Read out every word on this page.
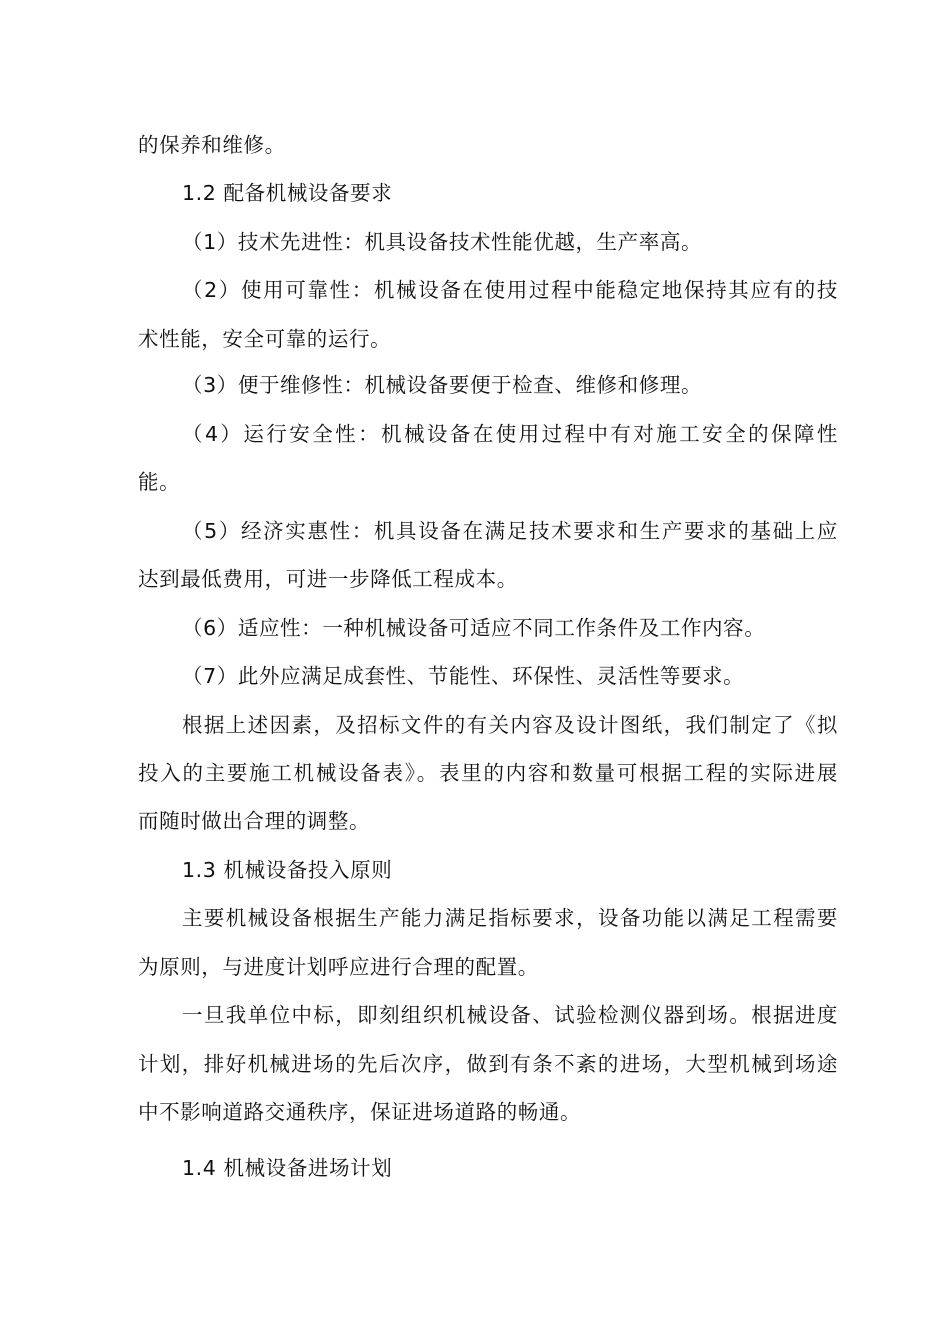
的保养和维修。
1.2 配备机械设备要求
（1）技术先进性：机具设备技术性能优越，生产率高。
（2）使用可靠性：机械设备在使用过程中能稳定地保持其应有的技
术性能，安全可靠的运行。
（3）便于维修性：机械设备要便于检查、维修和修理。
（4）运行安全性：机械设备在使用过程中有对施工安全的保障性
能。
（5）经济实惠性：机具设备在满足技术要求和生产要求的基础上应
达到最低费用，可进一步降低工程成本。
（6）适应性：一种机械设备可适应不同工作条件及工作内容。
（7）此外应满足成套性、节能性、环保性、灵活性等要求。
根据上述因素，及招标文件的有关内容及设计图纸，我们制定了《拟
投入的主要施工机械设备表》。表里的内容和数量可根据工程的实际进展
而随时做出合理的调整。
1.3 机械设备投入原则
主要机械设备根据生产能力满足指标要求，设备功能以满足工程需要
为原则，与进度计划呼应进行合理的配置。
一旦我单位中标，即刻组织机械设备、试验检测仪器到场。根据进度
计划，排好机械进场的先后次序，做到有条不紊的进场，大型机械到场途
中不影响道路交通秩序，保证进场道路的畅通。
1.4 机械设备进场计划
